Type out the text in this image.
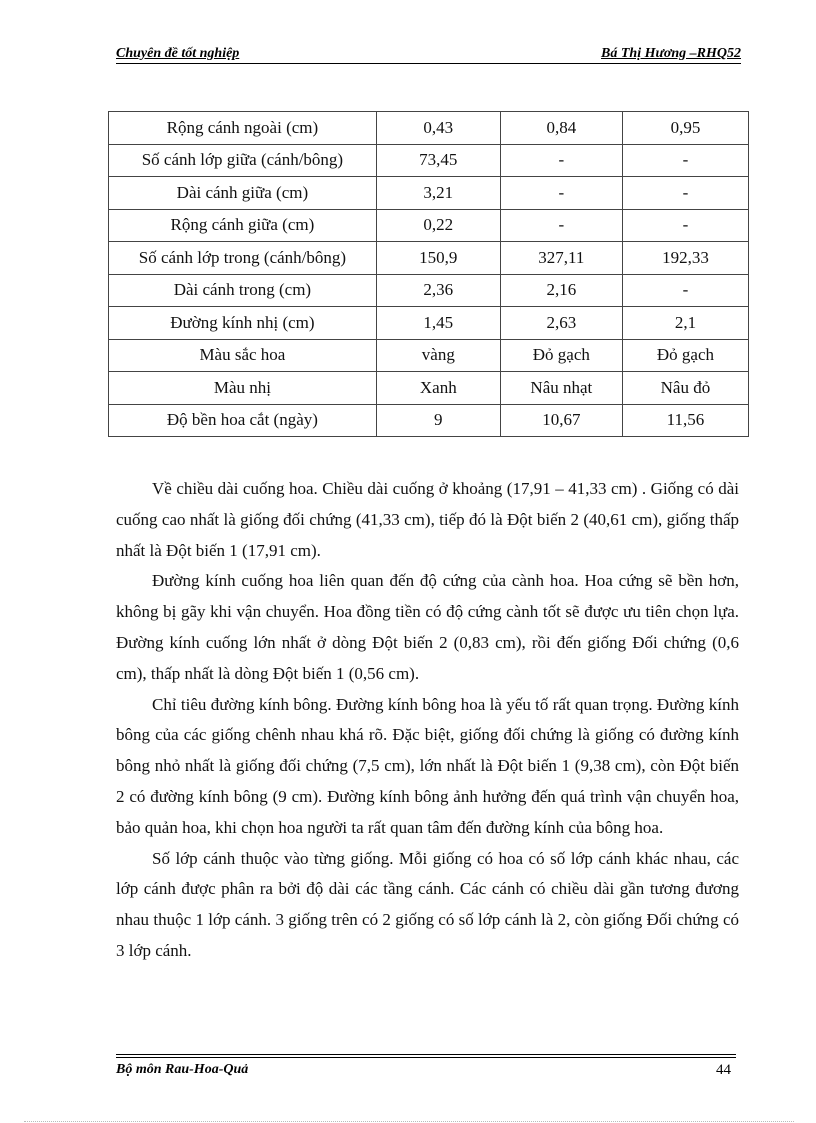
Chuyên đề tốt nghiệp	Bá Thị Hương –RHQ52
Rộng cánh ngoài (cm)	0,43	0,84	0,95
Số cánh lớp giữa (cánh/bông)	73,45	-	-
Dài cánh giữa (cm)	3,21	-	-
Rộng cánh giữa (cm)	0,22	-	-
Số cánh lớp trong (cánh/bông)	150,9	327,11	192,33
Dài cánh trong (cm)	2,36	2,16	-
Đường kính nhị (cm)	1,45	2,63	2,1
Màu sắc hoa	vàng	Đỏ gạch	Đỏ gạch
Màu nhị	Xanh	Nâu nhạt	Nâu đỏ
Độ bền hoa cắt (ngày)	9	10,67	11,56

Về chiều dài cuống hoa. Chiều dài cuống ở khoảng (17,91 – 41,33 cm) . Giống có dài cuống cao nhất là giống đối chứng (41,33 cm), tiếp đó là Đột biến 2 (40,61 cm), giống thấp nhất là Đột biến 1 (17,91 cm).

Đường kính cuống hoa liên quan đến độ cứng của cành hoa. Hoa cứng sẽ bền hơn, không bị gãy khi vận chuyển. Hoa đồng tiền có độ cứng cành tốt sẽ được ưu tiên chọn lựa. Đường kính cuống lớn nhất ở dòng Đột biến 2 (0,83 cm), rồi đến giống Đối chứng (0,6 cm), thấp nhất là dòng Đột biến 1 (0,56 cm).

Chỉ tiêu đường kính bông. Đường kính bông hoa là yếu tố rất quan trọng. Đường kính bông của các giống chênh nhau khá rõ. Đặc biệt, giống đối chứng là giống có đường kính bông nhỏ nhất là giống đối chứng (7,5 cm), lớn nhất là Đột biến 1 (9,38 cm), còn Đột biến 2 có đường kính bông (9 cm). Đường kính bông ảnh hưởng đến quá trình vận chuyển hoa, bảo quản hoa, khi chọn hoa người ta rất quan tâm đến đường kính của bông hoa.

Số lớp cánh thuộc vào từng giống. Mỗi giống có hoa có số lớp cánh khác nhau, các lớp cánh được phân ra bởi độ dài các tầng cánh. Các cánh có chiều dài gần tương đương nhau thuộc 1 lớp cánh. 3 giống trên có 2 giống có số lớp cánh là 2, còn giống Đối chứng có 3 lớp cánh.

Bộ môn Rau-Hoa-Quả	44
